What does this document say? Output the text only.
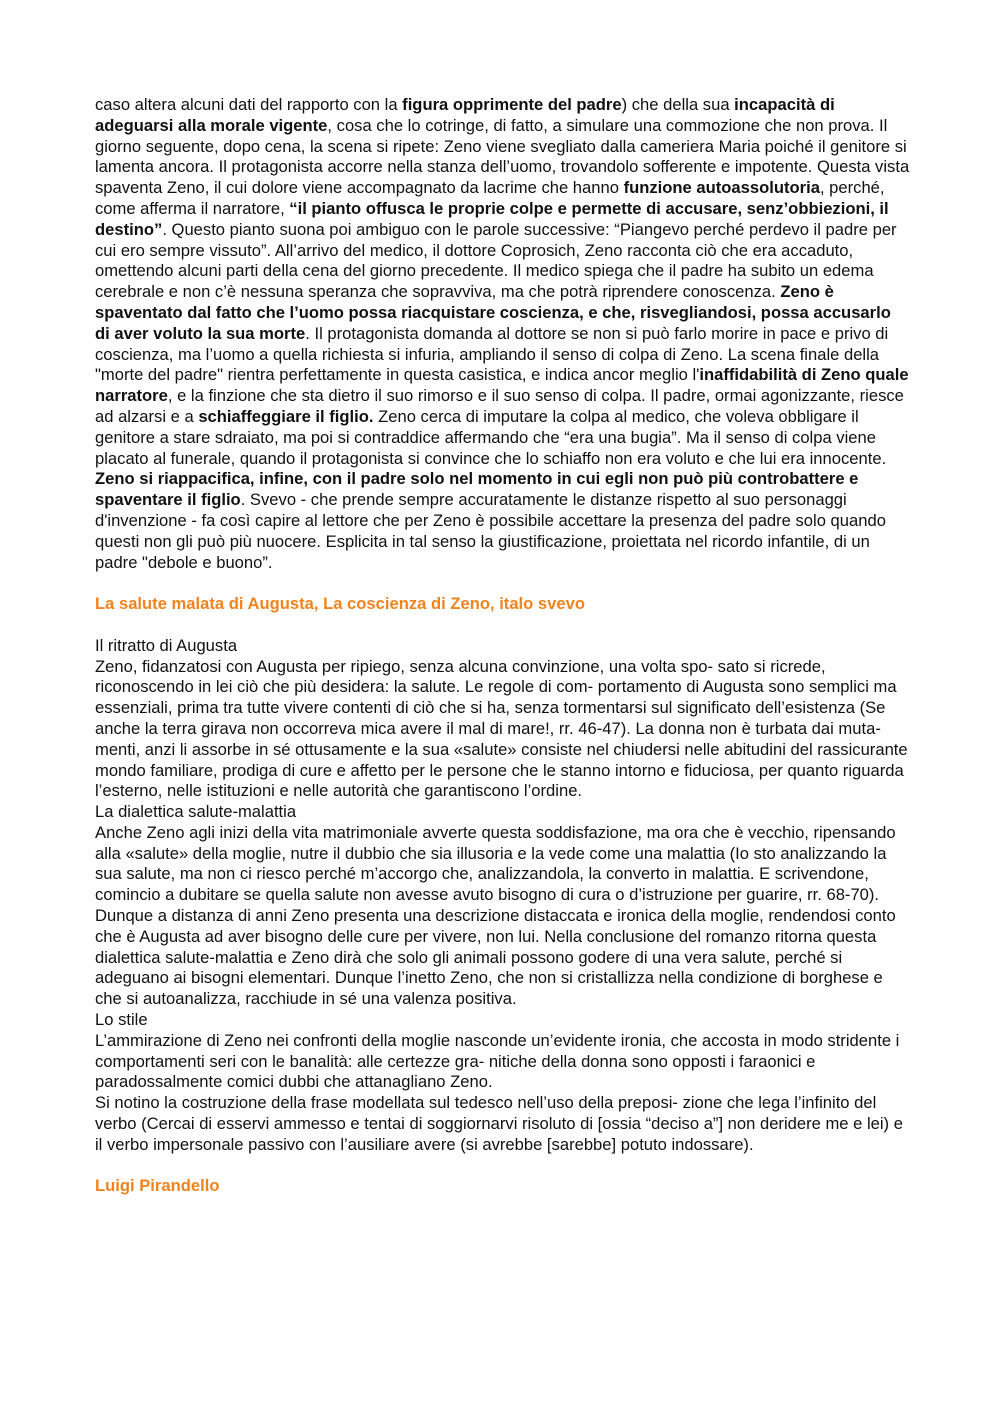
caso altera alcuni dati del rapporto con la figura opprimente del padre) che della sua incapacità di adeguarsi alla morale vigente, cosa che lo cotringe, di fatto, a simulare una commozione che non prova. Il giorno seguente, dopo cena, la scena si ripete: Zeno viene svegliato dalla cameriera Maria poiché il genitore si lamenta ancora. Il protagonista accorre nella stanza dell’uomo, trovandolo sofferente e impotente. Questa vista spaventa Zeno, il cui dolore viene accompagnato da lacrime che hanno funzione autoassolutoria, perché, come afferma il narratore, “il pianto offusca le proprie colpe e permette di accusare, senz’obbiezioni, il destino”. Questo pianto suona poi ambiguo con le parole successive: “Piangevo perché perdevo il padre per cui ero sempre vissuto”. All’arrivo del medico, il dottore Coprosich, Zeno racconta ciò che era accaduto, omettendo alcuni parti della cena del giorno precedente. Il medico spiega che il padre ha subito un edema cerebrale e non c’è nessuna speranza che sopravviva, ma che potrà riprendere conoscenza. Zeno è spaventato dal fatto che l’uomo possa riacquistare coscienza, e che, risvegliandosi, possa accusarlo di aver voluto la sua morte. Il protagonista domanda al dottore se non si può farlo morire in pace e privo di coscienza, ma l’uomo a quella richiesta si infuria, ampliando il senso di colpa di Zeno. La scena finale della "morte del padre" rientra perfettamente in questa casistica, e indica ancor meglio l'inaffidabilità di Zeno quale narratore, e la finzione che sta dietro il suo rimorso e il suo senso di colpa. Il padre, ormai agonizzante, riesce ad alzarsi e a schiaffeggiare il figlio. Zeno cerca di imputare la colpa al medico, che voleva obbligare il genitore a stare sdraiato, ma poi si contraddice affermando che “era una bugia”. Ma il senso di colpa viene placato al funerale, quando il protagonista si convince che lo schiaffo non era voluto e che lui era innocente. Zeno si riappacifica, infine, con il padre solo nel momento in cui egli non può più controbattere e spaventare il figlio. Svevo - che prende sempre accuratamente le distanze rispetto al suo personaggi d'invenzione - fa così capire al lettore che per Zeno è possibile accettare la presenza del padre solo quando questi non gli può più nuocere. Esplicita in tal senso la giustificazione, proiettata nel ricordo infantile, di un padre "debole e buono”.

La salute malata di Augusta, La coscienza di Zeno, italo svevo

Il ritratto di Augusta

Zeno, fidanzatosi con Augusta per ripiego, senza alcuna convinzione, una volta spo- sato si ricrede, riconoscendo in lei ciò che più desidera: la salute. Le regole di com- portamento di Augusta sono semplici ma essenziali, prima tra tutte vivere contenti di ciò che si ha, senza tormentarsi sul significato dell’esistenza (Se anche la terra girava non occorreva mica avere il mal di mare!, rr. 46-47). La donna non è turbata dai muta- menti, anzi li assorbe in sé ottusamente e la sua «salute» consiste nel chiudersi nelle abitudini del rassicurante mondo familiare, prodiga di cure e affetto per le persone che le stanno intorno e fiduciosa, per quanto riguarda l’esterno, nelle istituzioni e nelle autorità che garantiscono l’ordine.

La dialettica salute-malattia

Anche Zeno agli inizi della vita matrimoniale avverte questa soddisfazione, ma ora che è vecchio, ripensando alla «salute» della moglie, nutre il dubbio che sia illusoria e la vede come una malattia (Io sto analizzando la sua salute, ma non ci riesco perché m’accorgo che, analizzandola, la converto in malattia. E scrivendone, comincio a dubitare se quella salute non avesse avuto bisogno di cura o d’istruzione per guarire, rr. 68-70). Dunque a distanza di anni Zeno presenta una descrizione distaccata e ironica della moglie, rendendosi conto che è Augusta ad aver bisogno delle cure per vivere, non lui. Nella conclusione del romanzo ritorna questa dialettica salute-malattia e Zeno dirà che solo gli animali possono godere di una vera salute, perché si adeguano ai bisogni elementari. Dunque l’inetto Zeno, che non si cristallizza nella condizione di borghese e che si autoanalizza, racchiude in sé una valenza positiva.

Lo stile

L’ammirazione di Zeno nei confronti della moglie nasconde un’evidente ironia, che accosta in modo stridente i comportamenti seri con le banalità: alle certezze gra- nitiche della donna sono opposti i faraonici e paradossalmente comici dubbi che attanagliano Zeno.

Si notino la costruzione della frase modellata sul tedesco nell’uso della preposi- zione che lega l’infinito del verbo (Cercai di esservi ammesso e tentai di soggiornarvi risoluto di [ossia “deciso a”] non deridere me e lei) e il verbo impersonale passivo con l’ausiliare avere (si avrebbe [sarebbe] potuto indossare).

Luigi Pirandello
